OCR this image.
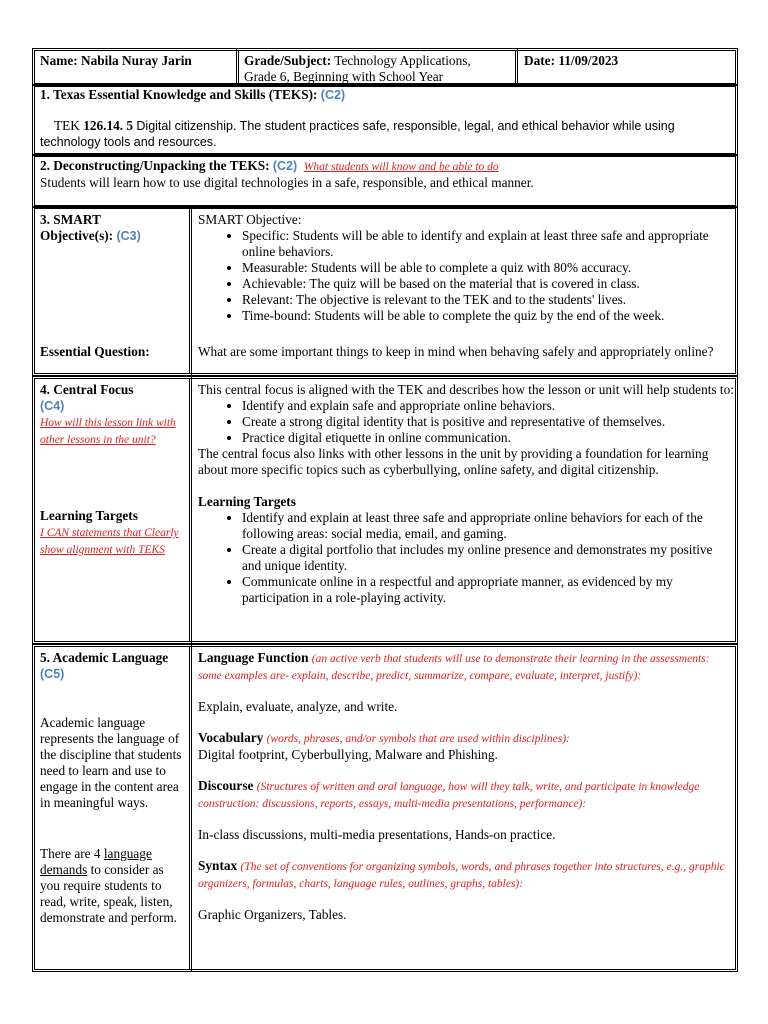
Name: Nabila Nuray Jarin	Grade/Subject: Technology Applications,
Grade 6, Beginning with School Year
Date: 11/09/2023
1. Texas Essential Knowledge and Skills (TEKS): (C2)

TEK 126.14. 5 Digital citizenship. The student practices safe, responsible, legal, and ethical behavior while using technology tools and resources.

2. Deconstructing/Unpacking the TEKS: (C2) What students will know and be able to do
Students will learn how to use digital technologies in a safe, responsible, and ethical manner.
3. SMART
Objective(s): (C3)

SMART Objective:

• Specific: Students will be able to identify and explain at least three safe and appropriate online behaviors.
• Measurable: Students will be able to complete a quiz with 80% accuracy.
• Achievable: The quiz will be based on the material that is covered in class.
• Relevant: The objective is relevant to the TEK and to the students' lives.
• Time-bound: Students will be able to complete the quiz by the end of the week.
Essential Question:	What are some important things to keep in mind when behaving safely and appropriately online?
4. Central Focus
(C4)
How will this lesson link with other lessons in the unit?
Learning Targets
I CAN statements that Clearly show alignment with TEKS

This central focus is aligned with the TEK and describes how the lesson or unit will help students to:

• Identify and explain safe and appropriate online behaviors.
• Create a strong digital identity that is positive and representative of themselves.
• Practice digital etiquette in online communication.

The central focus also links with other lessons in the unit by providing a foundation for learning about more specific topics such as cyberbullying, online safety, and digital citizenship.

Learning Targets

• Identify and explain at least three safe and appropriate online behaviors for each of the following areas: social media, email, and gaming.
• Create a digital portfolio that includes my online presence and demonstrates my positive and unique identity.
• Communicate online in a respectful and appropriate manner, as evidenced by my participation in a role-playing activity.
5. Academic Language
(C5)
Academic language represents the language of the discipline that students need to learn and use to engage in the content area in meaningful ways.
There are 4 language demands to consider as you require students to read, write, speak, listen, demonstrate and perform.

Language Function (an active verb that students will use to demonstrate their learning in the assessments: some examples are- explain, describe, predict, summarize, compare, evaluate, interpret, justify):

Explain, evaluate, analyze, and write.

Vocabulary (words, phrases, and/or symbols that are used within disciplines):

Digital footprint, Cyberbullying, Malware and Phishing.

Discourse (Structures of written and oral language, how will they talk, write, and participate in knowledge construction: discussions, reports, essays, multi-media presentations, performance):

In-class discussions, multi-media presentations, Hands-on practice.

Syntax (The set of conventions for organizing symbols, words, and phrases together into structures, e.g., graphic organizers, formulas, charts, language rules, outlines, graphs, tables):

Graphic Organizers, Tables.
